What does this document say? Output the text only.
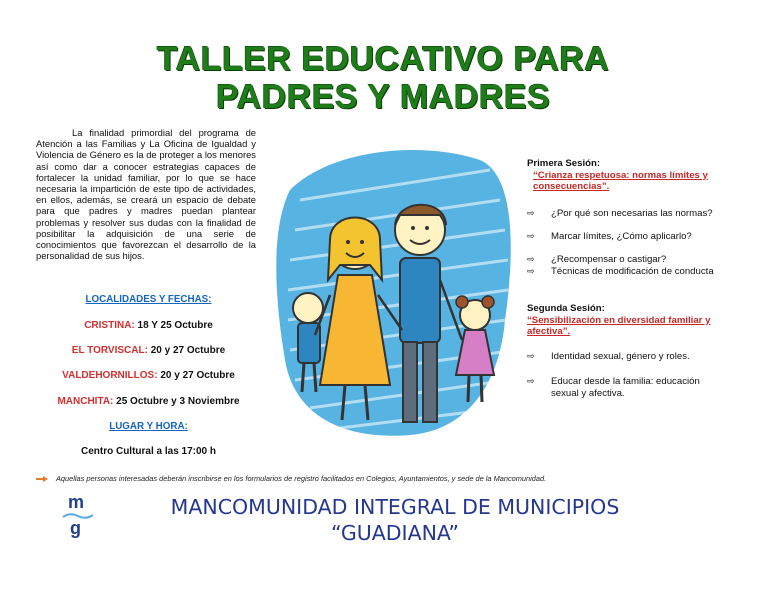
TALLER EDUCATIVO PARA
PADRES Y MADRES

La finalidad primordial del programa de Atención a las Familias y La Oficina de Igualdad y Violencia de Género es la de proteger a los menores así como dar a conocer estrategias capaces de fortalecer la unidad familiar, por lo que se hace necesaria la impartición de este tipo de actividades, en ellos, además, se creará un espacio de debate para que padres y madres puedan plantear problemas y resolver sus dudas con la finalidad de posibilitar la adquisición de una serie de conocimientos que favorezcan el desarrollo de la personalidad de sus hijos.

LOCALIDADES Y FECHAS:
CRISTINA: 18 Y 25 Octubre
EL TORVISCAL: 20 y 27 Octubre
VALDEHORNILLOS: 20 y 27 Octubre
MANCHITA: 25 Octubre y 3 Noviembre
LUGAR Y HORA:
Centro Cultural a las 17:00 h
Primera Sesión:
“Crianza respetuosa: normas límites y consecuencias”.
⇨	¿Por qué son necesarias las normas?
⇨	Marcar límites, ¿Cómo aplicarlo?
⇨	¿Recompensar o castigar?
⇨	Técnicas de modificación de conducta
Segunda Sesión:
“Sensibilización en diversidad familiar y afectiva”.
⇨	Identidad sexual, género y roles.
⇨	Educar desde la familia: educación sexual y afectiva.
Aquellas personas interesadas deberán inscribirse en los formularios de registro facilitados en Colegios, Ayuntamientos, y sede de la Mancomunidad.
m
g
MANCOMUNIDAD INTEGRAL DE MUNICIPIOS
“GUADIANA”
